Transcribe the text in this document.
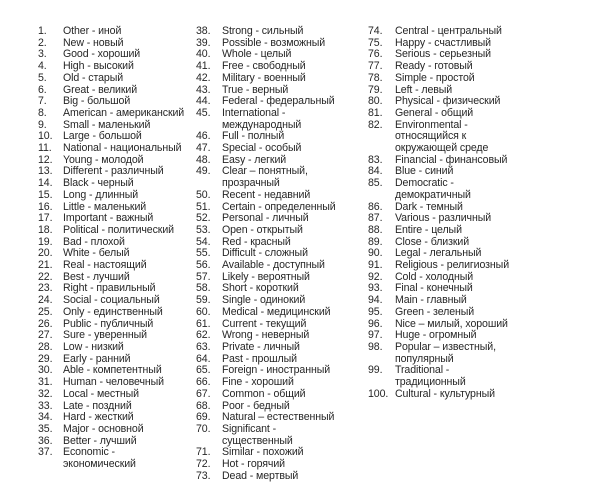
1.	Other - иной
2.	New - новый
3.	Good - хороший
4.	High - высокий
5.	Old - старый
6.	Great - великий
7.	Big - большой
8.	American - американский
9.	Small - маленький
10. Large - большой
11.	National - национальный
12. Young - молодой
13. Different - различный
14. Black - черный
15. Long - длинный
16. Little - маленький
17. Important - важный
18. Political - политический
19. Bad - плохой
20. White - белый
21. Real - настоящий
22. Best - лучший
23. Right - правильный
24. Social - социальный
25. Only - единственный
26. Public - публичный
27. Sure - уверенный
28. Low - низкий
29. Early - ранний
30. Able - компетентный
31. Human - человечный
32. Local - местный
33. Late - поздний
34. Hard - жесткий
35. Major - основной
36. Better - лучший
37. Economic -
экономический
38.	Strong - сильный
39.	Possible - возможный
40.	Whole - целый
41.	Free - свободный
42.	Military - военный
43.	True - верный
44.	Federal - федеральный
45.	International -
международный
46.	Full - полный
47.	Special - особый
48.	Easy - легкий
49.	Clear – понятный,
прозрачный
50.	Recent - недавний
51.	Certain - определенный
52.	Personal - личный
53.	Open - открытый
54.	Red - красный
55.	Difficult - сложный
56.	Available - доступный
57.	Likely - вероятный
58.	Short - короткий
59.	Single - одинокий
60.	Medical - медицинский
61.	Current - текущий
62.	Wrong - неверный
63.	Private - личный
64.	Past - прошлый
65.	Foreign - иностранный
66.	Fine - хороший
67.	Common - общий
68.	Poor - бедный
69.	Natural – естественный
70.	Significant -
существенный
71.	Similar - похожий
72.	Hot - горячий
73.	Dead - мертвый
74.	Central - центральный
75.	Happy - счастливый
76.	Serious - серьезный
77.	Ready - готовый
78.	Simple - простой
79.	Left - левый
80.	Physical - физический
81.	General - общий
82.	Environmental -
относящийся к
окружающей среде
83.	Financial - финансовый
84.	Blue - синий
85.	Democratic -
демократичный
86.	Dark - темный
87.	Various - различный
88.	Entire - целый
89.	Close - близкий
90.	Legal - легальный
91.	Religious - религиозный
92.	Cold - холодный
93.	Final - конечный
94.	Main - главный
95.	Green - зеленый
96.	Nice – милый, хороший
97.	Huge - огромный
98.	Popular – известный,
популярный
99.	Traditional -
традиционный
100. Cultural - культурный
